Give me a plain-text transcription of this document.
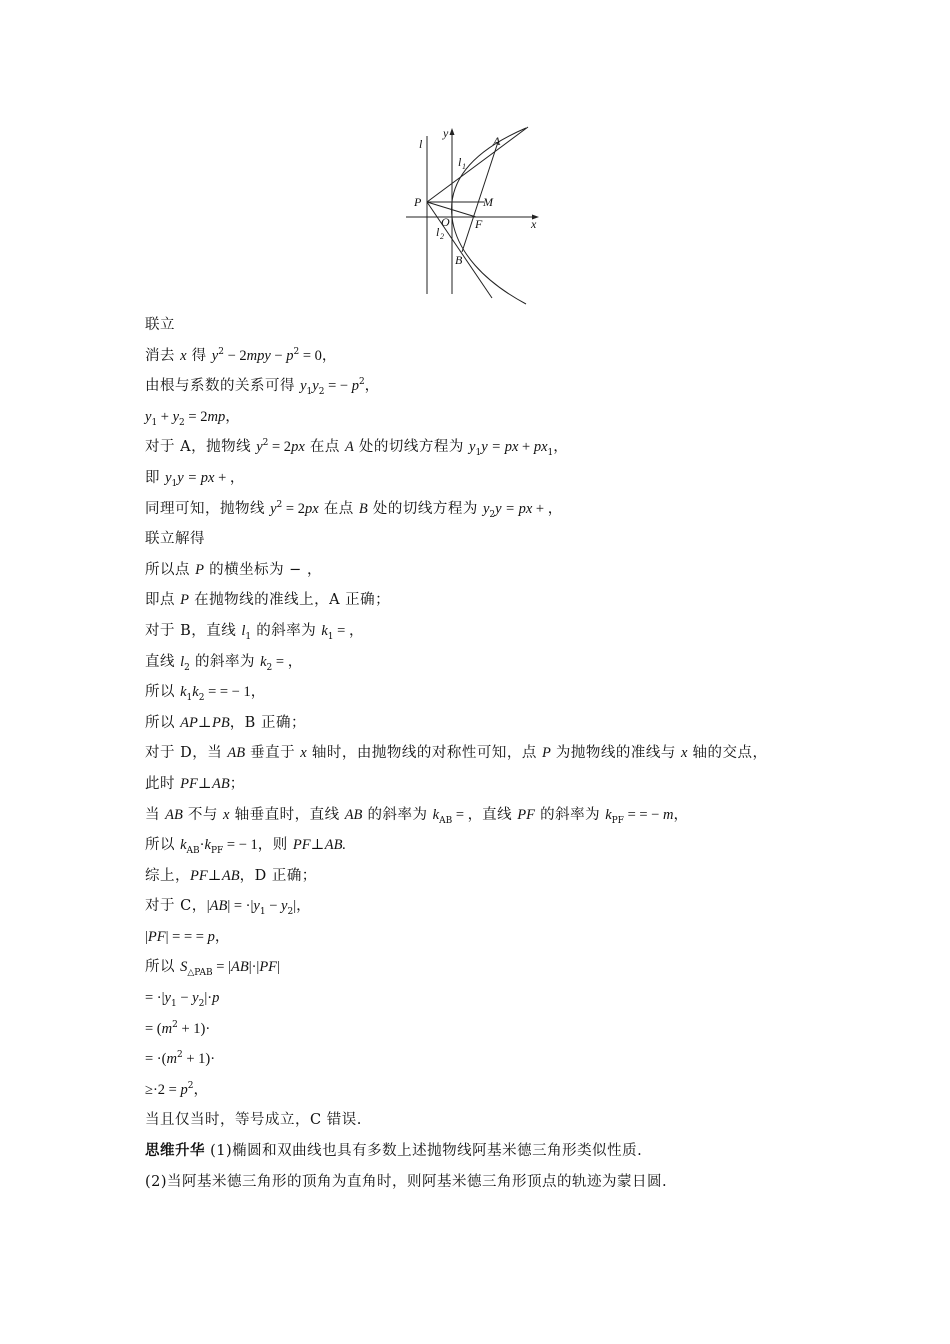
l
y
A
l 1
P	M
O F	x
l 2
B
联立
消去 x 得 $y^2 - 2mpy - p^2 = 0$，
由根与系数的关系可得 $y_1y_2$ = − $p^2$，
$y_1 + y_2 = 2mp$，
对于 A，抛物线 $y^2 = 2px$ 在点 A 处的切线方程为 $y_1y$ = px + $px_1$，
即 $y_1y$ = px + ，
同理可知，抛物线 $y^2 = 2px$ 在点 B 处的切线方程为 $y_2y$ = px + ，
联立解得
所以点 P 的横坐标为 − ，
即点 P 在抛物线的准线上，A 正确；
对于 B，直线 $l_1$ 的斜率为 $k_1$ = ，
直线 $l_2$ 的斜率为 $k_2$ = ，
所以 $k_1k_2$ = = − 1，
所以 AP⊥PB，B 正确；
对于 D，当 AB 垂直于 x 轴时，由抛物线的对称性可知，点 P 为抛物线的准线与 x 轴的交点，
此时 PF⊥AB；
当 AB 不与 x 轴垂直时，直线 AB 的斜率为 $k_{AB}$ = ，直线 PF 的斜率为 $k_{PF}$ = = − m，
所以 $k_{AB}\cdot k_{PF}$ = − 1，则 PF⊥AB.
综上，PF⊥AB，D 正确；
对于 C，$|AB| = \cdot|y_1 - y_2|$，
|PF| = = = p，
所以 $S_{\triangle PAB} = |AB|\cdot|PF|$
= $\cdot|y_1 - y_2|\cdot p$
= $(m^2 + 1)\cdot$
= $\cdot(m^2 + 1)\cdot$
$\ge\cdot 2 = p^2$，
当且仅当时，等号成立，C 错误.
思维升华 (1)椭圆和双曲线也具有多数上述抛物线阿基米德三角形类似性质.
(2)当阿基米德三角形的顶角为直角时，则阿基米德三角形顶点的轨迹为蒙日圆.
